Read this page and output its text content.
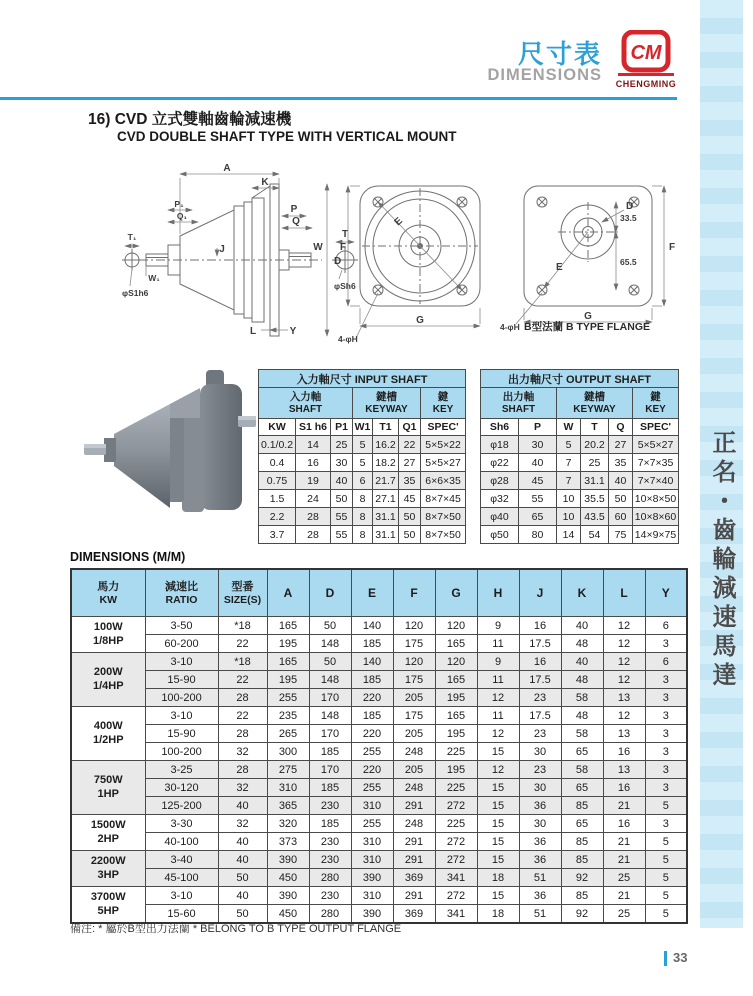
正名・齒輪減速馬達
尺寸表
DIMENSIONS
CM
CHENGMING
16) CVD 立式雙軸齒輪減速機
CVD DOUBLE SHAFT TYPE WITH VERTICAL MOUNT
A
K
P₁
Q₁
P
Q
W
D
J
T
W₁
T₁
L	Y
φS1h6
φSh6
E
F
G
4-φH
D
E
33.5
65.5
F
G
4-φH B型法蘭 B TYPE FLANGE
入力軸尺寸 INPUT SHAFT						

入力軸
SHAFT

鍵槽
KEYWAY

鍵
KEY

KW	S1 h6	P1	W1	T1	Q1	SPEC'
0.1/0.2	14	25	5	16.2	22	5×5×22
0.4	16	30	5	18.2	27	5×5×27
0.75	19	40	6	21.7	35	6×6×35
1.5	24	50	8	27.1	45	8×7×45
2.2	28	55	8	31.1	50	8×7×50
3.7	28	55	8	31.1	50	8×7×50
出力軸尺寸 OUTPUT SHAFT					

出力軸
SHAFT

鍵槽
KEYWAY

鍵
KEY

Sh6	P	W	T	Q	SPEC'
φ18	30	5	20.2	27	5×5×27
φ22	40	7	25	35	7×7×35
φ28	45	7	31.1	40	7×7×40
φ32	55	10	35.5	50	10×8×50
φ40	65	10	43.5	60	10×8×60
φ50	80	14	54	75	14×9×75
DIMENSIONS (M/M)
馬力
KW

減速比
RATIO

型番
SIZE(S)	A	D	E	F	G	H	J	K	L	Y

100W
1/8HP	3-50	*18	165	50	140	120	120	9	16	40	12	6
	60-200	22	195	148	185	175	165	11	17.5	48	12	3

200W
1/4HP	3-10	*18	165	50	140	120	120	9	16	40	12	6
	15-90	22	195	148	185	175	165	11	17.5	48	12	3
	100-200	28	255	170	220	205	195	12	23	58	13	3

400W
1/2HP	3-10	22	235	148	185	175	165	11	17.5	48	12	3
	15-90	28	265	170	220	205	195	12	23	58	13	3
	100-200	32	300	185	255	248	225	15	30	65	16	3

750W
1HP	3-25	28	275	170	220	205	195	12	23	58	13	3
	30-120	32	310	185	255	248	225	15	30	65	16	3
	125-200	40	365	230	310	291	272	15	36	85	21	5

1500W
2HP	3-30	32	320	185	255	248	225	15	30	65	16	3
	40-100	40	373	230	310	291	272	15	36	85	21	5

2200W
3HP	3-40	40	390	230	310	291	272	15	36	85	21	5
	45-100	50	450	280	390	369	341	18	51	92	25	5

3700W
5HP	3-10	40	390	230	310	291	272	15	36	85	21	5
	15-60	50	450	280	390	369	341	18	51	92	25	5
備注: * 屬於B型出力法蘭 * BELONG TO B TYPE OUTPUT FLANGE
33
